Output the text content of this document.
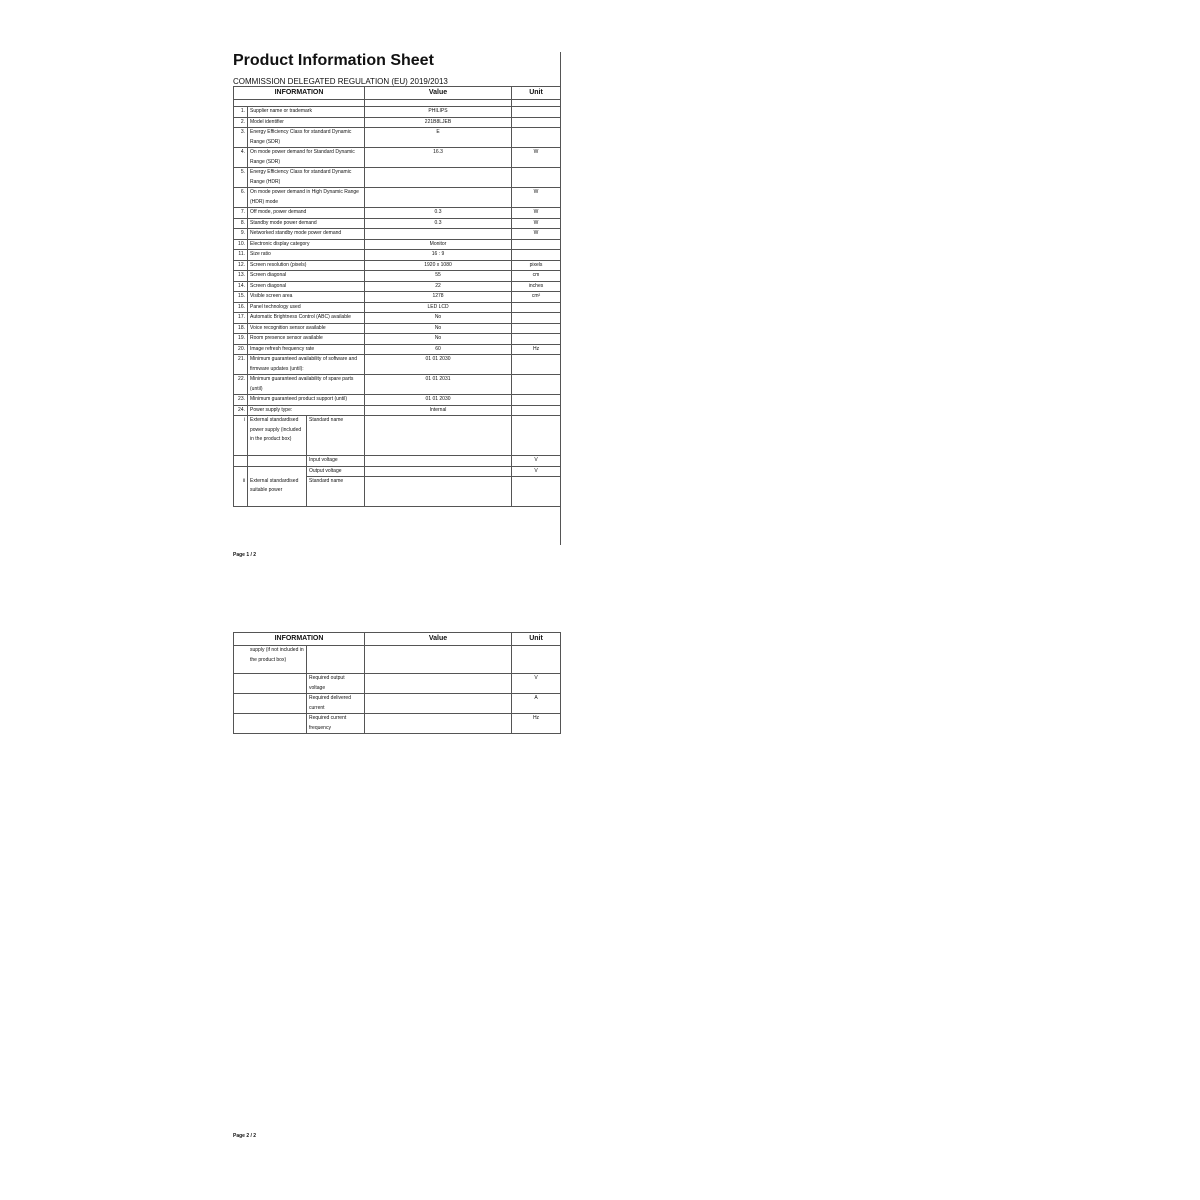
Product Information Sheet
COMMISSION DELEGATED REGULATION (EU) 2019/2013
INFORMATION			Value	Unit

1.	Supplier name or trademark		PHILIPS	
2.	Model identifier		221B8LJEB	
3.	Energy Efficiency Class for standard Dynamic Range (SDR)		E	
4.	On mode power demand for Standard Dynamic Range (SDR)		16.3	W
5.	Energy Efficiency Class for standard Dynamic Range (HDR)			
6.	On mode power demand in High Dynamic Range (HDR) mode			W
7.	Off mode, power demand		0.3	W
8.	Standby mode power demand		0.3	W
9.	Networked standby mode power demand			W
10.	Electronic display category		Monitor	
11.	Size ratio		16 : 9	
12.	Screen resolution (pixels)		1920 x 1080	pixels
13.	Screen diagonal		55	cm
14.	Screen diagonal		22	inches
15.	Visible screen area		1278	cm²
16.	Panel technology used		LED LCD	
17.	Automatic Brightness Control (ABC) available		No	
18.	Voice recognition sensor available		No	
19.	Room presence sensor available		No	
20.	Image refresh frequency rate		60	Hz
21.	Minimum guaranteed availability of software and firmware updates (until):		01 01 2030	
22.	Minimum guaranteed availability of spare parts (until)		01 01 2031	
23.	Minimum guaranteed product support (until)		01 01 2030	
24.	Power supply type:		Internal	
i	External standardised power supply (included in the product box)	Standard name		
		Input voltage		V
		Output voltage		V
ii	External standardised suitable power	Standard name		
Page 1 / 2
INFORMATION		Value	Unit
supply (if not included in the product box)			
	Required output voltage		V
	Required delivered current		A
	Required current frequency		Hz
Page 2 / 2
